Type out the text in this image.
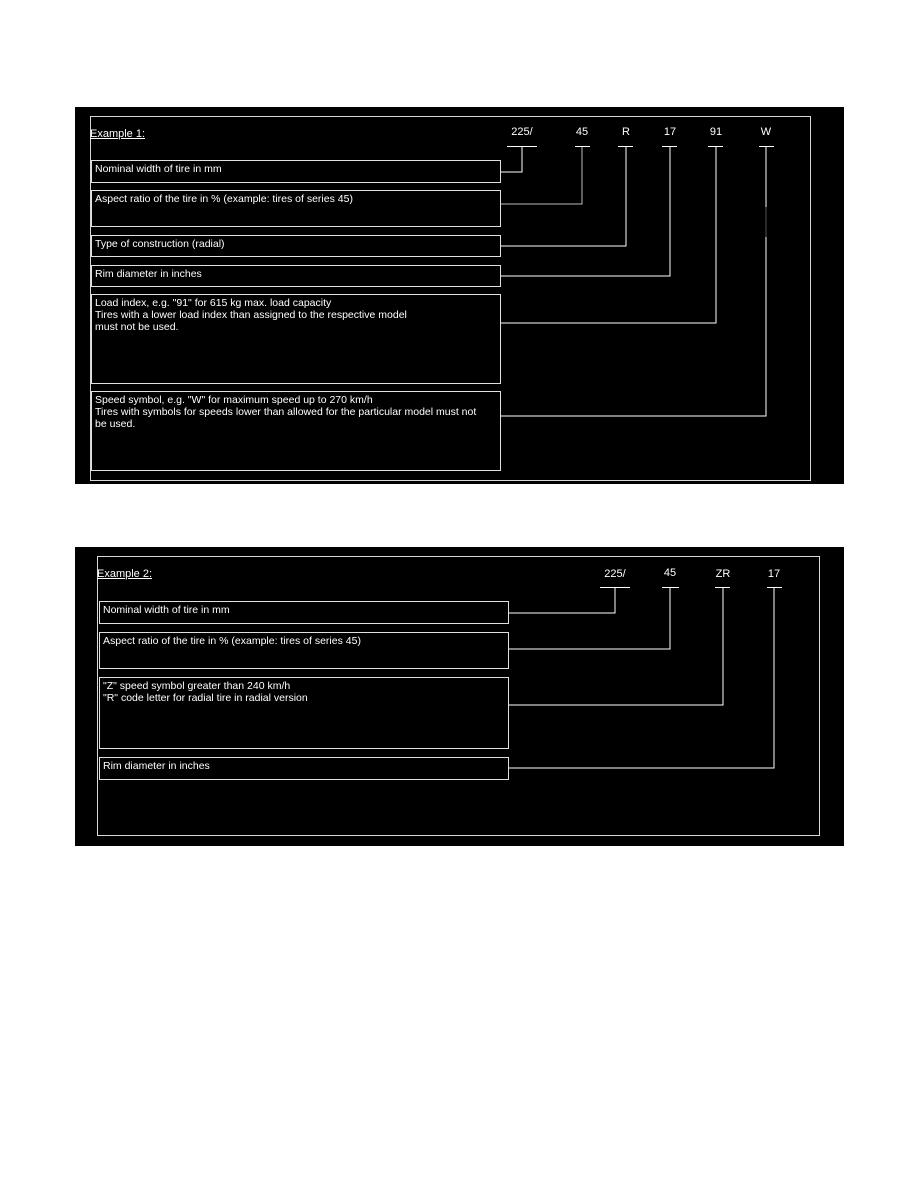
Example 1:	225/	45	R	17	91	W
Nominal width of tire in mm
Aspect ratio of the tire in % (example: tires of series 45)
Type of construction (radial)
Rim diameter in inches
Load index, e.g. "91" for 615 kg max. load capacity
Tires with a lower load index than assigned to the respective model
must not be used.
Speed symbol, e.g. "W" for maximum speed up to 270 km/h
Tires with symbols for speeds lower than allowed for the particular model must not
be used.
Example 2:	225/	45	ZR	17
Nominal width of tire in mm
Aspect ratio of the tire in % (example: tires of series 45)
"Z" speed symbol greater than 240 km/h
"R" code letter for radial tire in radial version
Rim diameter in inches
